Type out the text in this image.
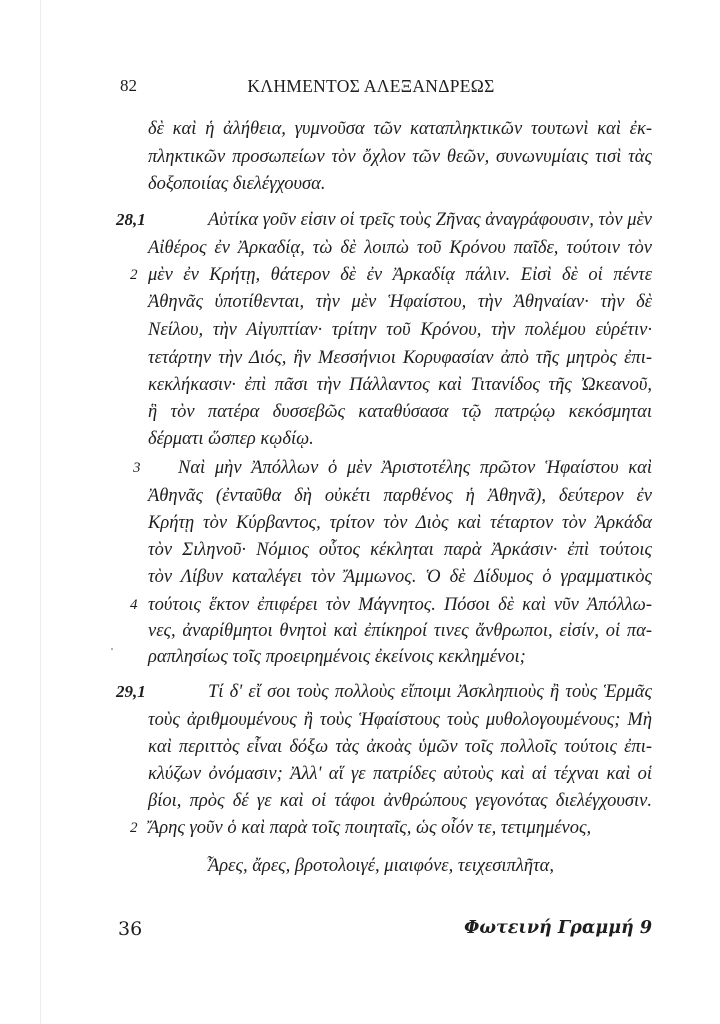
82	ΚΛΗΜΕΝΤΟΣ ΑΛΕΞΑΝΔΡΕΩΣ
δὲ καὶ ἡ ἀλήθεια, γυμνοῦσα τῶν καταπληκτικῶν τουτωνὶ καὶ ἐκ-
πληκτικῶν προσωπείων τὸν ὄχλον τῶν θεῶν, συνωνυμίαις τισὶ τὰς
δοξοποιίας διελέγχουσα.
28,1	Αὐτίκα γοῦν εἰσιν οἱ τρεῖς τοὺς Ζῆνας ἀναγράφουσιν, τὸν μὲν
Αἰθέρος ἐν Ἀρκαδίᾳ, τὼ δὲ λοιπὼ τοῦ Κρόνου παῖδε, τούτοιν τὸν
2 μὲν ἐν Κρήτῃ, θάτερον δὲ ἐν Ἀρκαδίᾳ πάλιν. Εἰσὶ δὲ οἱ πέντε
Ἀθηνᾶς ὑποτίθενται, τὴν μὲν Ἡφαίστου, τὴν Ἀθηναίαν· τὴν δὲ
Νείλου, τὴν Αἰγυπτίαν· τρίτην τοῦ Κρόνου, τὴν πολέμου εὑρέτιν·
τετάρτην τὴν Διός, ἣν Μεσσήνιοι Κορυφασίαν ἀπὸ τῆς μητρὸς ἐπι-
κεκλήκασιν· ἐπὶ πᾶσι τὴν Πάλλαντος καὶ Τιτανίδος τῆς Ὠκεανοῦ,
ἣ τὸν πατέρα δυσσεβῶς καταθύσασα τῷ πατρῴῳ κεκόσμηται
δέρματι ὥσπερ κῳδίῳ.
3 Ναὶ μὴν Ἀπόλλων ὁ μὲν Ἀριστοτέλης πρῶτον Ἡφαίστου καὶ
Ἀθηνᾶς (ἐνταῦθα δὴ οὐκέτι παρθένος ἡ Ἀθηνᾶ), δεύτερον ἐν
Κρήτῃ τὸν Κύρβαντος, τρίτον τὸν Διὸς καὶ τέταρτον τὸν Ἀρκάδα
τὸν Σιληνοῦ· Νόμιος οὗτος κέκληται παρὰ Ἀρκάσιν· ἐπὶ τούτοις
τὸν Λίβυν καταλέγει τὸν Ἄμμωνος. Ὁ δὲ Δίδυμος ὁ γραμματικὸς
4 τούτοις ἕκτον ἐπιφέρει τὸν Μάγνητος. Πόσοι δὲ καὶ νῦν Ἀπόλλω-
νες, ἀναρίθμητοι θνητοὶ καὶ ἐπίκηροί τινες ἄνθρωποι, εἰσίν, οἱ πα-
ραπλησίως τοῖς προειρημένοις ἐκείνοις κεκλημένοι;
29,1	Τί δ' εἴ σοι τοὺς πολλοὺς εἴποιμι Ἀσκληπιοὺς ἢ τοὺς Ἑρμᾶς
τοὺς ἀριθμουμένους ἢ τοὺς Ἡφαίστους τοὺς μυθολογουμένους; Μὴ
καὶ περιττὸς εἶναι δόξω τὰς ἀκοὰς ὑμῶν τοῖς πολλοῖς τούτοις ἐπι-
κλύζων ὀνόμασιν; Ἀλλ' αἵ γε πατρίδες αὐτοὺς καὶ αἱ τέχναι καὶ οἱ
βίοι, πρὸς δέ γε καὶ οἱ τάφοι ἀνθρώπους γεγονότας διελέγχουσιν.
2 Ἄρης γοῦν ὁ καὶ παρὰ τοῖς ποιηταῖς, ὡς οἷόν τε, τετιμημένος,
Ἆρες, ἄρες, βροτολοιγέ, μιαιφόνε, τειχεσιπλῆτα,
36	Φωτεινή Γραμμή 9
